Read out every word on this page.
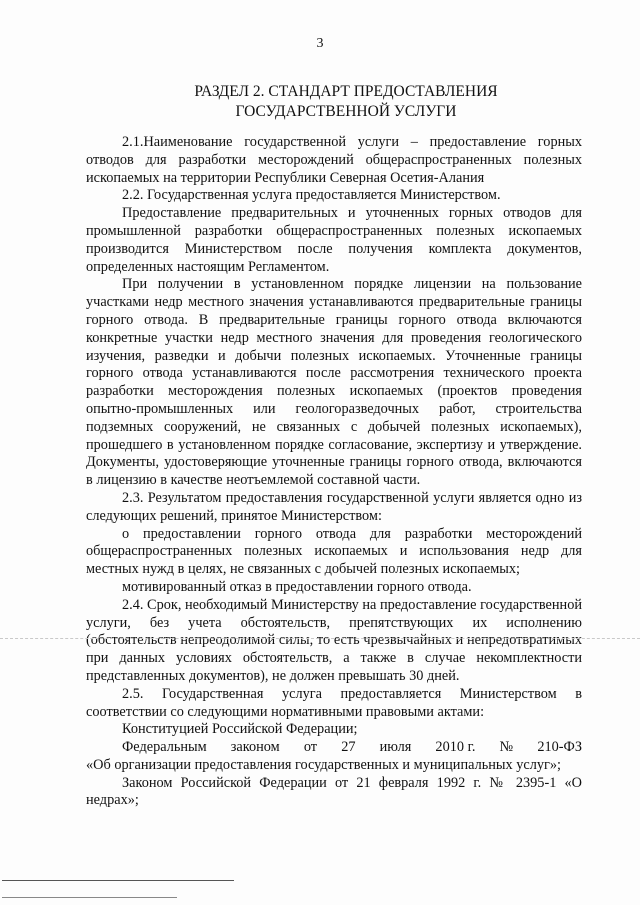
3
РАЗДЕЛ 2. СТАНДАРТ ПРЕДОСТАВЛЕНИЯ
ГОСУДАРСТВЕННОЙ УСЛУГИ

2.1.Наименование государственной услуги – предоставление горных отводов для разработки месторождений общераспространенных полезных ископаемых на территории Республики Северная Осетия-Алания

2.2. Государственная услуга предоставляется Министерством.

Предоставление предварительных и уточненных горных отводов для промышленной разработки общераспространенных полезных ископаемых производится Министерством после получения комплекта документов, определенных настоящим Регламентом.

При получении в установленном порядке лицензии на пользование участками недр местного значения устанавливаются предварительные границы горного отвода. В предварительные границы горного отвода включаются конкретные участки недр местного значения для проведения геологического изучения, разведки и добычи полезных ископаемых. Уточненные границы горного отвода устанавливаются после рассмотрения технического проекта разработки месторождения полезных ископаемых (проектов проведения опытно-промышленных или геологоразведочных работ, строительства подземных сооружений, не связанных с добычей полезных ископаемых), прошедшего в установленном порядке согласование, экспертизу и утверждение. Документы, удостоверяющие уточненные границы горного отвода, включаются в лицензию в качестве неотъемлемой составной части.

2.3. Результатом предоставления государственной услуги является одно из следующих решений, принятое Министерством:

о предоставлении горного отвода для разработки месторождений общераспространенных полезных ископаемых и использования недр для местных нужд в целях, не связанных с добычей полезных ископаемых;

мотивированный отказ в предоставлении горного отвода.

2.4. Срок, необходимый Министерству на предоставление государственной услуги, без учета обстоятельств, препятствующих их исполнению (обстоятельств непреодолимой силы, то есть чрезвычайных и непредотвратимых при данных условиях обстоятельств, а также в случае некомплектности представленных документов), не должен превышать 30 дней.

2.5. Государственная услуга предоставляется Министерством в соответствии со следующими нормативными правовыми актами:

Конституцией Российской Федерации;

Федеральным законом от 27 июля 2010 г. № 210-ФЗ
«Об организации предоставления государственных и муниципальных услуг»;

Законом Российской Федерации от 21 февраля 1992 г. № 2395-1 «О недрах»;
